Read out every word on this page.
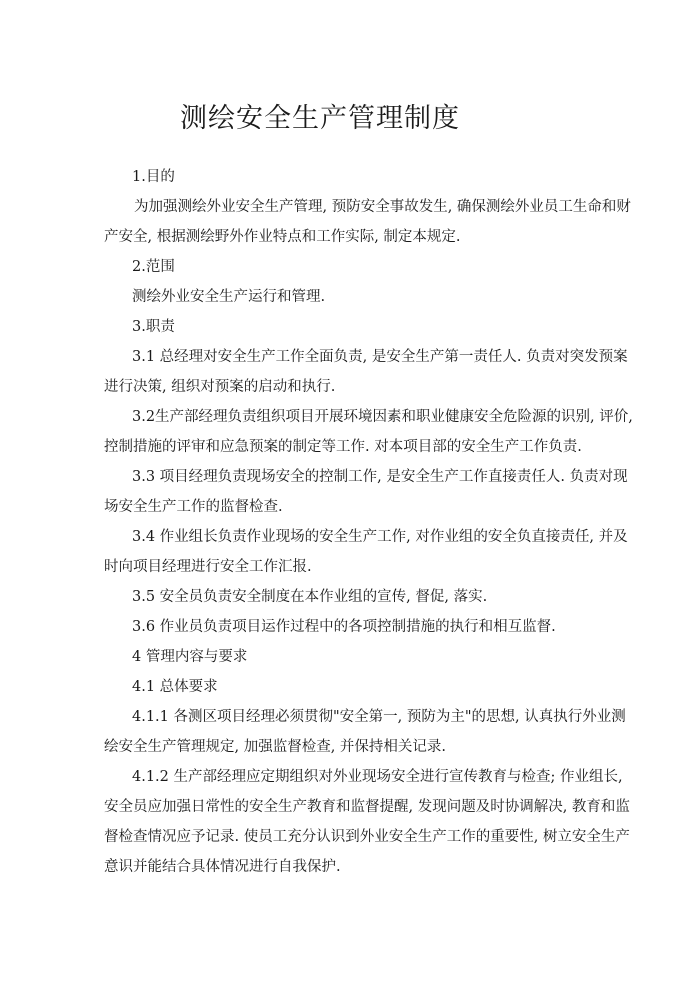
测绘安全生产管理制度
1.目的
为加强测绘外业安全生产管理, 预防安全事故发生, 确保测绘外业员工生命和财
产安全, 根据测绘野外作业特点和工作实际, 制定本规定.
2.范围
测绘外业安全生产运行和管理.
3.职责
3.1 总经理对安全生产工作全面负责, 是安全生产第一责任人. 负责对突发预案
进行决策, 组织对预案的启动和执行.
3.2生产部经理负责组织项目开展环境因素和职业健康安全危险源的识别, 评价,
控制措施的评审和应急预案的制定等工作. 对本项目部的安全生产工作负责.
3.3 项目经理负责现场安全的控制工作, 是安全生产工作直接责任人. 负责对现
场安全生产工作的监督检查.
3.4 作业组长负责作业现场的安全生产工作, 对作业组的安全负直接责任, 并及
时向项目经理进行安全工作汇报.
3.5 安全员负责安全制度在本作业组的宣传, 督促, 落实.
3.6 作业员负责项目运作过程中的各项控制措施的执行和相互监督.
4 管理内容与要求
4.1 总体要求
4.1.1 各测区项目经理必须贯彻"安全第一, 预防为主"的思想, 认真执行外业测
绘安全生产管理规定, 加强监督检查, 并保持相关记录.
4.1.2 生产部经理应定期组织对外业现场安全进行宣传教育与检查; 作业组长,
安全员应加强日常性的安全生产教育和监督提醒, 发现问题及时协调解决, 教育和监
督检查情况应予记录. 使员工充分认识到外业安全生产工作的重要性, 树立安全生产
意识并能结合具体情况进行自我保护.
